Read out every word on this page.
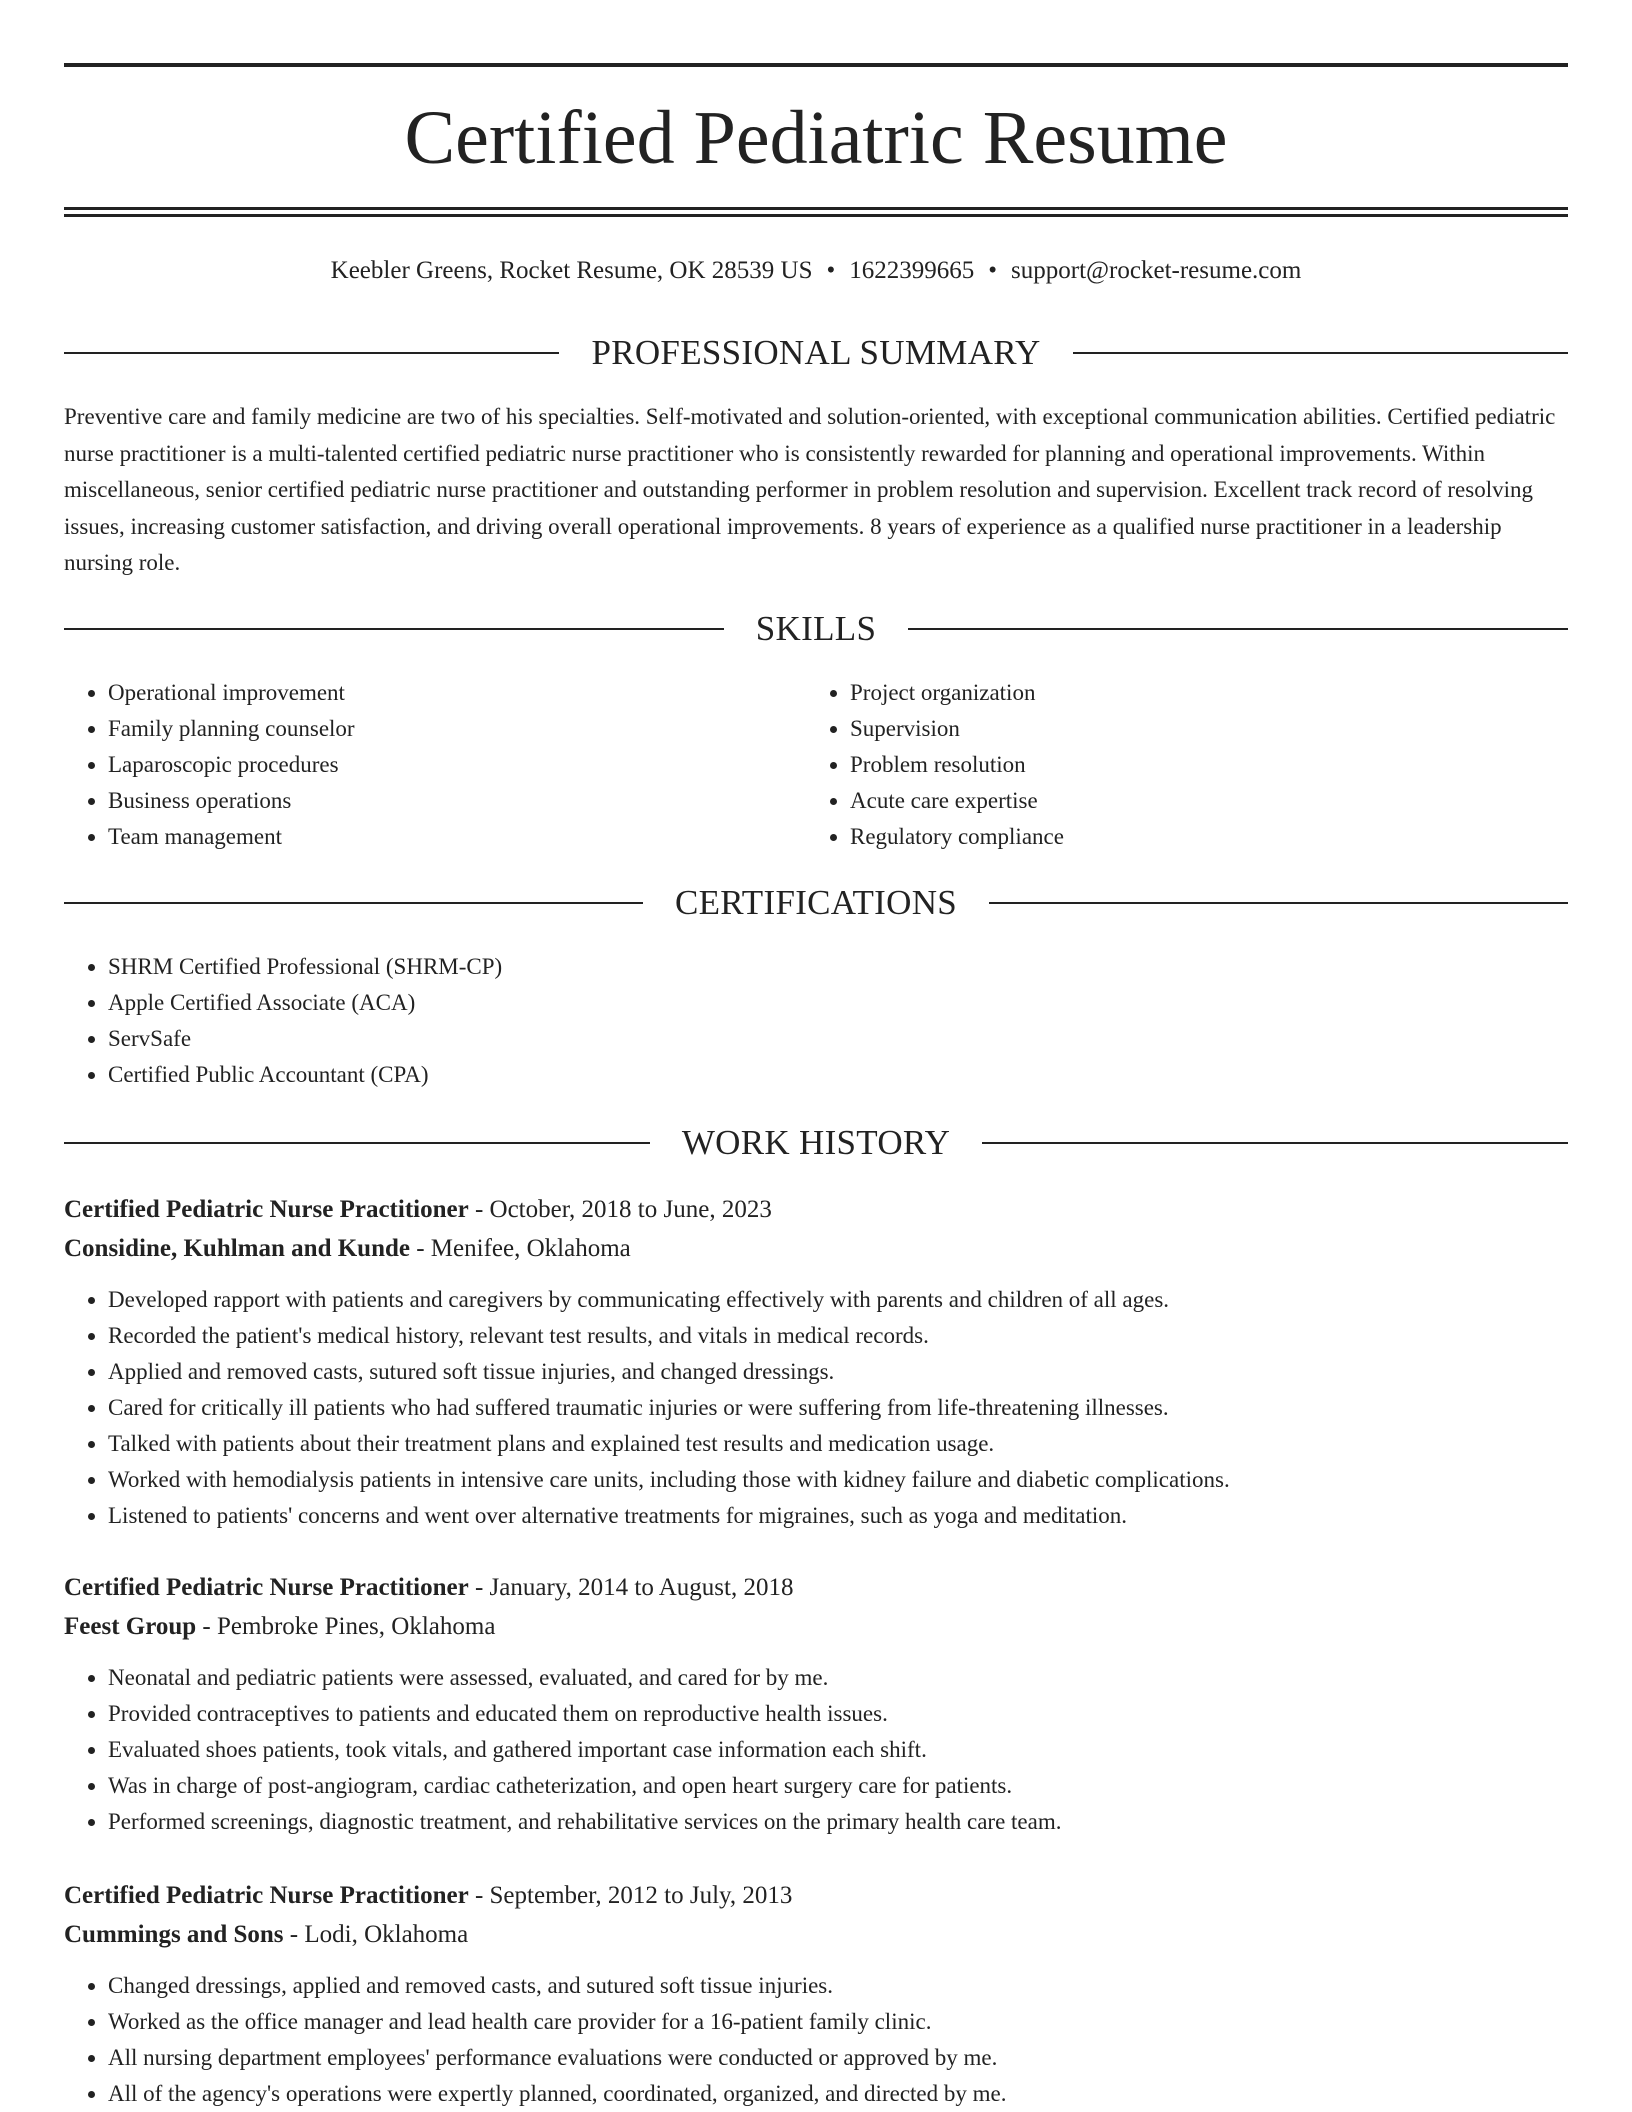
Certified Pediatric Resume
Keebler Greens, Rocket Resume, OK 28539 US • 1622399665 • support@rocket-resume.com
PROFESSIONAL SUMMARY

Preventive care and family medicine are two of his specialties. Self-motivated and solution-oriented, with exceptional communication abilities. Certified pediatric nurse practitioner is a multi-talented certified pediatric nurse practitioner who is consistently rewarded for planning and operational improvements. Within miscellaneous, senior certified pediatric nurse practitioner and outstanding performer in problem resolution and supervision. Excellent track record of resolving issues, increasing customer satisfaction, and driving overall operational improvements. 8 years of experience as a qualified nurse practitioner in a leadership nursing role.

SKILLS
• Operational improvement
• Family planning counselor
• Laparoscopic procedures
• Business operations
• Team management
• Project organization
• Supervision
• Problem resolution
• Acute care expertise
• Regulatory compliance
CERTIFICATIONS
• SHRM Certified Professional (SHRM-CP)
• Apple Certified Associate (ACA)
• ServSafe
• Certified Public Accountant (CPA)
WORK HISTORY
Certified Pediatric Nurse Practitioner - October, 2018 to June, 2023
Considine, Kuhlman and Kunde - Menifee, Oklahoma
• Developed rapport with patients and caregivers by communicating effectively with parents and children of all ages.
• Recorded the patient's medical history, relevant test results, and vitals in medical records.
• Applied and removed casts, sutured soft tissue injuries, and changed dressings.
• Cared for critically ill patients who had suffered traumatic injuries or were suffering from life-threatening illnesses.
• Talked with patients about their treatment plans and explained test results and medication usage.
• Worked with hemodialysis patients in intensive care units, including those with kidney failure and diabetic complications.
• Listened to patients' concerns and went over alternative treatments for migraines, such as yoga and meditation.
Certified Pediatric Nurse Practitioner - January, 2014 to August, 2018
Feest Group - Pembroke Pines, Oklahoma
• Neonatal and pediatric patients were assessed, evaluated, and cared for by me.
• Provided contraceptives to patients and educated them on reproductive health issues.
• Evaluated shoes patients, took vitals, and gathered important case information each shift.
• Was in charge of post-angiogram, cardiac catheterization, and open heart surgery care for patients.
• Performed screenings, diagnostic treatment, and rehabilitative services on the primary health care team.
Certified Pediatric Nurse Practitioner - September, 2012 to July, 2013
Cummings and Sons - Lodi, Oklahoma
• Changed dressings, applied and removed casts, and sutured soft tissue injuries.
• Worked as the office manager and lead health care provider for a 16-patient family clinic.
• All nursing department employees' performance evaluations were conducted or approved by me.
• All of the agency's operations were expertly planned, coordinated, organized, and directed by me.
